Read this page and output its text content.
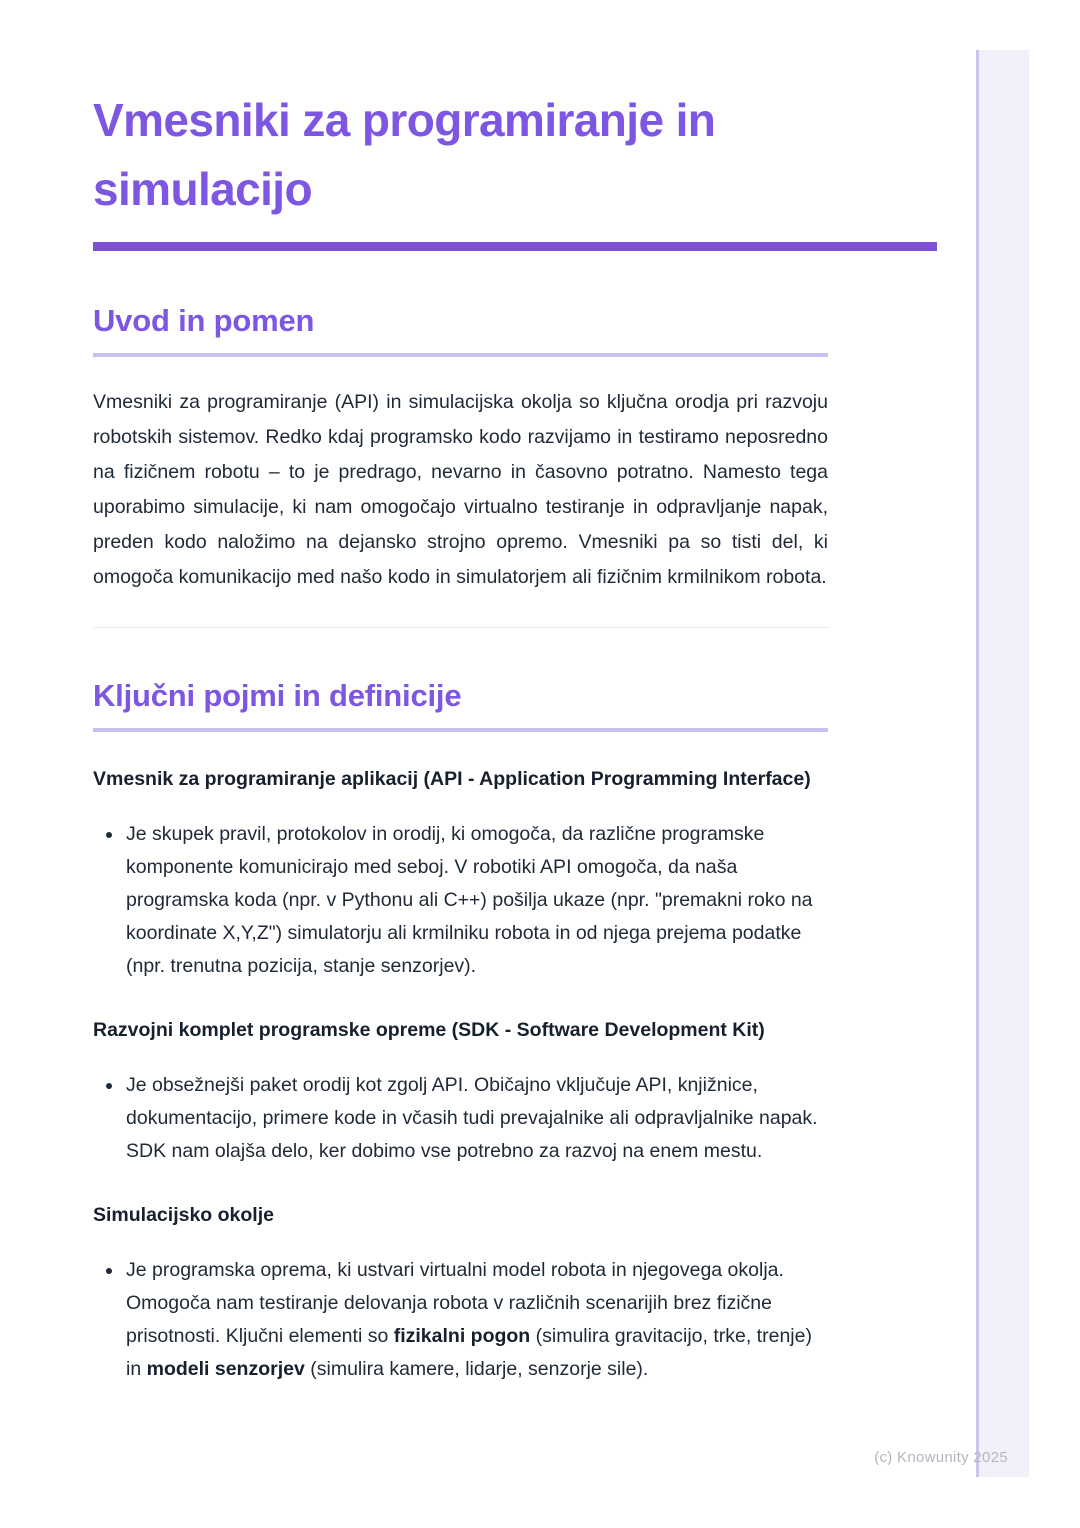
Vmesniki za programiranje in simulacijo
Uvod in pomen

Vmesniki za programiranje (API) in simulacijska okolja so ključna orodja pri razvoju robotskih sistemov. Redko kdaj programsko kodo razvijamo in testiramo neposredno na fizičnem robotu – to je predrago, nevarno in časovno potratno. Namesto tega uporabimo simulacije, ki nam omogočajo virtualno testiranje in odpravljanje napak, preden kodo naložimo na dejansko strojno opremo. Vmesniki pa so tisti del, ki omogoča komunikacijo med našo kodo in simulatorjem ali fizičnim krmilnikom robota.

Ključni pojmi in definicije
Vmesnik za programiranje aplikacij (API - Application Programming Interface)
• Je skupek pravil, protokolov in orodij, ki omogoča, da različne programske komponente komunicirajo med seboj. V robotiki API omogoča, da naša programska koda (npr. v Pythonu ali C++) pošilja ukaze (npr. "premakni roko na koordinate X,Y,Z") simulatorju ali krmilniku robota in od njega prejema podatke (npr. trenutna pozicija, stanje senzorjev).
Razvojni komplet programske opreme (SDK - Software Development Kit)
• Je obsežnejši paket orodij kot zgolj API. Običajno vključuje API, knjižnice, dokumentacijo, primere kode in včasih tudi prevajalnike ali odpravljalnike napak. SDK nam olajša delo, ker dobimo vse potrebno za razvoj na enem mestu.
Simulacijsko okolje
• Je programska oprema, ki ustvari virtualni model robota in njegovega okolja. Omogoča nam testiranje delovanja robota v različnih scenarijih brez fizične prisotnosti. Ključni elementi so fizikalni pogon (simulira gravitacijo, trke, trenje) in modeli senzorjev (simulira kamere, lidarje, senzorje sile).
(c) Knowunity 2025
